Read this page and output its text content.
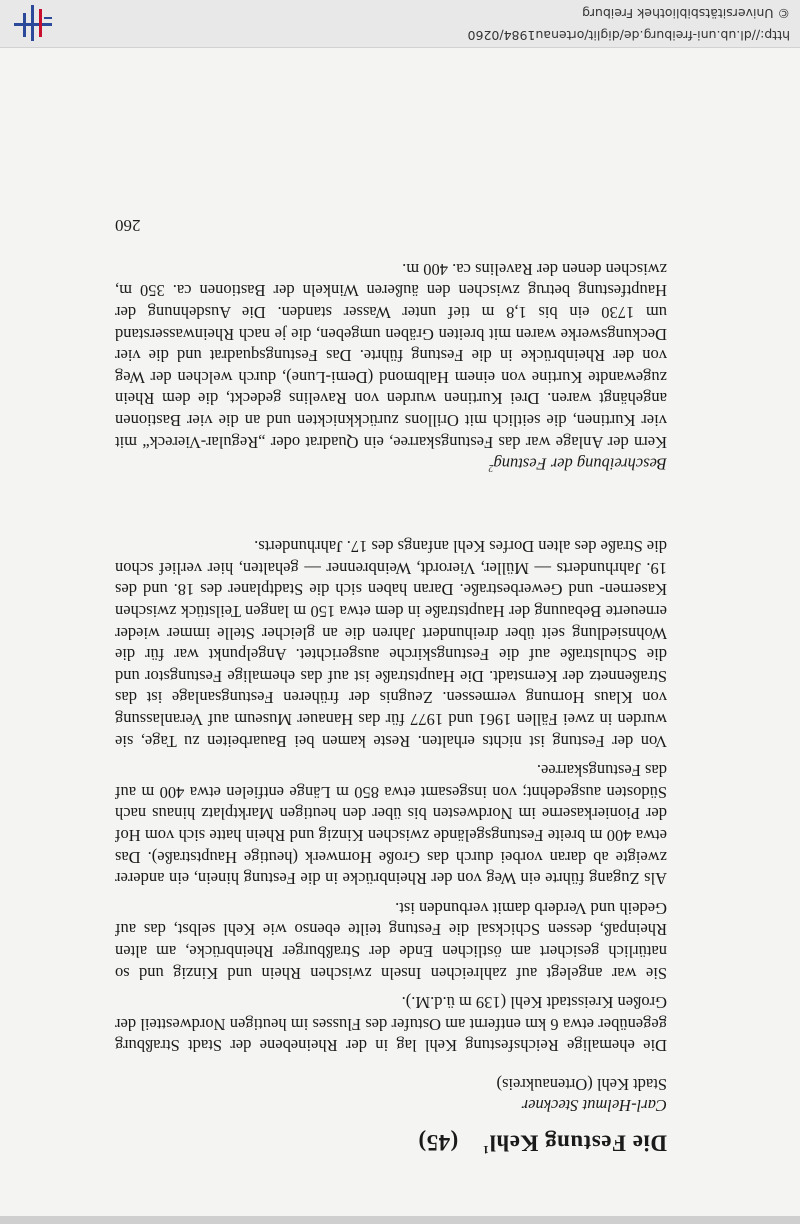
Die Festung Kehl$^1$ (45)
Carl-Helmut Steckner
Stadt Kehl (Ortenaukreis)

Die ehemalige Reichsfestung Kehl lag in der Rheinebene der Stadt Straßburg gegenüber etwa 6 km entfernt am Ostufer des Flusses im heutigen Nordwestteil der Großen Kreisstadt Kehl (139 m ü.d.M.).

Sie war angelegt auf zahlreichen Inseln zwischen Rhein und Kinzig und so natürlich gesichert am östlichen Ende der Straßburger Rheinbrücke, am alten Rheinpaß, dessen Schicksal die Festung teilte ebenso wie Kehl selbst, das auf Gedeih und Verderb damit verbunden ist.

Als Zugang führte ein Weg von der Rheinbrücke in die Festung hinein, ein anderer zweigte ab daran vorbei durch das Große Hornwerk (heutige Hauptstraße). Das etwa 400 m breite Festungsgelände zwischen Kinzig und Rhein hatte sich vom Hof der Pionierkaserne im Nordwesten bis über den heutigen Marktplatz hinaus nach Südosten ausgedehnt; von insgesamt etwa 850 m Länge entfielen etwa 400 m auf das Festungskarree.

Von der Festung ist nichts erhalten. Reste kamen bei Bauarbeiten zu Tage, sie wurden in zwei Fällen 1961 und 1977 für das Hanauer Museum auf Veranlassung von Klaus Hornung vermessen. Zeugnis der früheren Festungsanlage ist das Straßennetz der Kernstadt. Die Hauptstraße ist auf das ehemalige Festungstor und die Schulstraße auf die Festungskirche ausgerichtet. Angelpunkt war für die Wohnsiedlung seit über dreihundert Jahren die an gleicher Stelle immer wieder erneuerte Bebauung der Hauptstraße in dem etwa 150 m langen Teilstück zwischen Kasernen- und Gewerbestraße. Daran haben sich die Stadtplaner des 18. und des 19. Jahrhunderts — Müller, Vierordt, Weinbrenner — gehalten, hier verlief schon die Straße des alten Dorfes Kehl anfangs des 17. Jahrhunderts.

Beschreibung der Festung$^2$

Kern der Anlage war das Festungskarree, ein Quadrat oder „Regular-Viereck“ mit vier Kurtinen, die seitlich mit Orillons zurückknickten und an die vier Bastionen angehängt waren. Drei Kurtinen wurden von Ravelins gedeckt, die dem Rhein zugewandte Kurtine von einem Halbmond (Demi-Lune), durch welchen der Weg von der Rheinbrücke in die Festung führte. Das Festungsquadrat und die vier Deckungswerke waren mit breiten Gräben umgeben, die je nach Rheinwasserstand um 1730 ein bis 1,8 m tief unter Wasser standen. Die Ausdehnung der Hauptfestung betrug zwischen den äußeren Winkeln der Bastionen ca. 350 m, zwischen denen der Ravelins ca. 400 m.

260
http://dl.ub.uni-freiburg.de/diglit/ortenau1984/0260
© Universitätsbibliothek Freiburg
